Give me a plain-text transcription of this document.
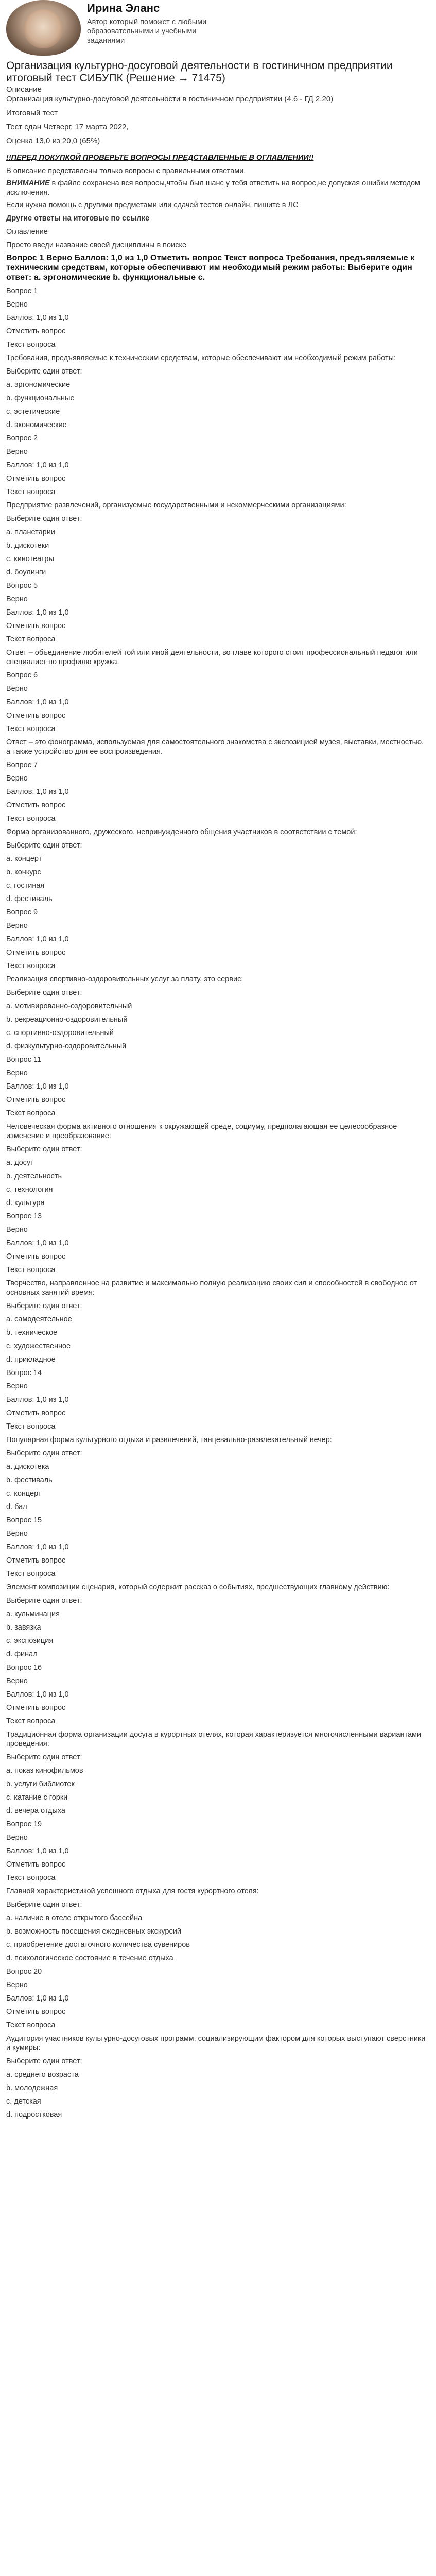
Ирина Эланс
Автор который поможет с любыми образовательными и учебными заданиями
Организация культурно-досуговой деятельности в гостиничном предприятии итоговый тест СИБУПК (Решение → 71475)

Описание

Организация культурно-досуговой деятельности в гостиничном предприятии (4.6 - ГД 2.20)

Итоговый тест

Тест сдан Четверг, 17 марта 2022,

Оценка 13,0 из 20,0 (65%)

!!ПЕРЕД ПОКУПКОЙ ПРОВЕРЬТЕ ВОПРОСЫ ПРЕДСТАВЛЕННЫЕ В ОГЛАВЛЕНИИ!!
В описание представлены только вопросы с правильными ответами.
ВНИМАНИЕ в файле сохранена вся вопросы,чтобы был шанс у тебя ответить на вопрос,не допуская ошибки методом исключения.
Если нужна помощь с другими предметами или сдачей тестов онлайн, пишите в ЛС
Другие ответы на итоговые по ссылке
Оглавление
Просто введи название своей дисциплины в поиске
Вопрос 1 Верно Баллов: 1,0 из 1,0 Отметить вопрос Текст вопроса Требования, предъявляемые к техническим средствам, которые обеспечивают им необходимый режим работы: Выберите один ответ: a. эргономические b. функциональные с.

Вопрос 1

Верно

Баллов: 1,0 из 1,0

Отметить вопрос

Текст вопроса

Требования, предъявляемые к техническим средствам, которые обеспечивают им необходимый режим работы:

Выберите один ответ:

a. эргономические

b. функциональные

c. эстетические

d. экономические

Вопрос 2

Верно

Баллов: 1,0 из 1,0

Отметить вопрос

Текст вопроса

Предприятие развлечений, организуемые государственными и некоммерческими организациями:

Выберите один ответ:

a. планетарии

b. дискотеки

c. кинотеатры

d. боулинги

Вопрос 5

Верно

Баллов: 1,0 из 1,0

Отметить вопрос

Текст вопроса

Ответ – объединение любителей той или иной деятельности, во главе которого стоит профессиональный педагог или специалист по профилю кружка.

Вопрос 6

Верно

Баллов: 1,0 из 1,0

Отметить вопрос

Текст вопроса

Ответ – это фонограмма, используемая для самостоятельного знакомства с экспозицией музея, выставки, местностью, а также устройство для ее воспроизведения.

Вопрос 7

Верно

Баллов: 1,0 из 1,0

Отметить вопрос

Текст вопроса

Форма организованного, дружеского, непринужденного общения участников в соответствии с темой:

Выберите один ответ:

a. концерт

b. конкурс

c. гостиная

d. фестиваль

Вопрос 9

Верно

Баллов: 1,0 из 1,0

Отметить вопрос

Текст вопроса

Реализация спортивно-оздоровительных услуг за плату, это сервис:

Выберите один ответ:

a. мотивированно-оздоровительный

b. рекреационно-оздоровительный

c. спортивно-оздоровительный

d. физкультурно-оздоровительный

Вопрос 11

Верно

Баллов: 1,0 из 1,0

Отметить вопрос

Текст вопроса

Человеческая форма активного отношения к окружающей среде, социуму, предполагающая ее целесообразное изменение и преобразование:

Выберите один ответ:

a. досуг

b. деятельность

c. технология

d. культура

Вопрос 13

Верно

Баллов: 1,0 из 1,0

Отметить вопрос

Текст вопроса

Творчество, направленное на развитие и максимально полную реализацию своих сил и способностей в свободное от основных занятий время:

Выберите один ответ:

a. самодеятельное

b. техническое

c. художественное

d. прикладное

Вопрос 14

Верно

Баллов: 1,0 из 1,0

Отметить вопрос

Текст вопроса

Популярная форма культурного отдыха и развлечений, танцевально-развлекательный вечер:

Выберите один ответ:

a. дискотека

b. фестиваль

c. концерт

d. бал

Вопрос 15

Верно

Баллов: 1,0 из 1,0

Отметить вопрос

Текст вопроса

Элемент композиции сценария, который содержит рассказ о событиях, предшествующих главному действию:

Выберите один ответ:

a. кульминация

b. завязка

c. экспозиция

d. финал

Вопрос 16

Верно

Баллов: 1,0 из 1,0

Отметить вопрос

Текст вопроса

Традиционная форма организации досуга в курортных отелях, которая характеризуется многочисленными вариантами проведения:

Выберите один ответ:

a. показ кинофильмов

b. услуги библиотек

c. катание с горки

d. вечера отдыха

Вопрос 19

Верно

Баллов: 1,0 из 1,0

Отметить вопрос

Текст вопроса

Главной характеристикой успешного отдыха для гостя курортного отеля:

Выберите один ответ:

a. наличие в отеле открытого бассейна

b. возможность посещения ежедневных экскурсий

c. приобретение достаточного количества сувениров

d. психологическое состояние в течение отдыха

Вопрос 20

Верно

Баллов: 1,0 из 1,0

Отметить вопрос

Текст вопроса

Аудитория участников культурно-досуговых программ, социализирующим фактором для которых выступают сверстники и кумиры:

Выберите один ответ:

a. среднего возраста

b. молодежная

c. детская

d. подростковая
